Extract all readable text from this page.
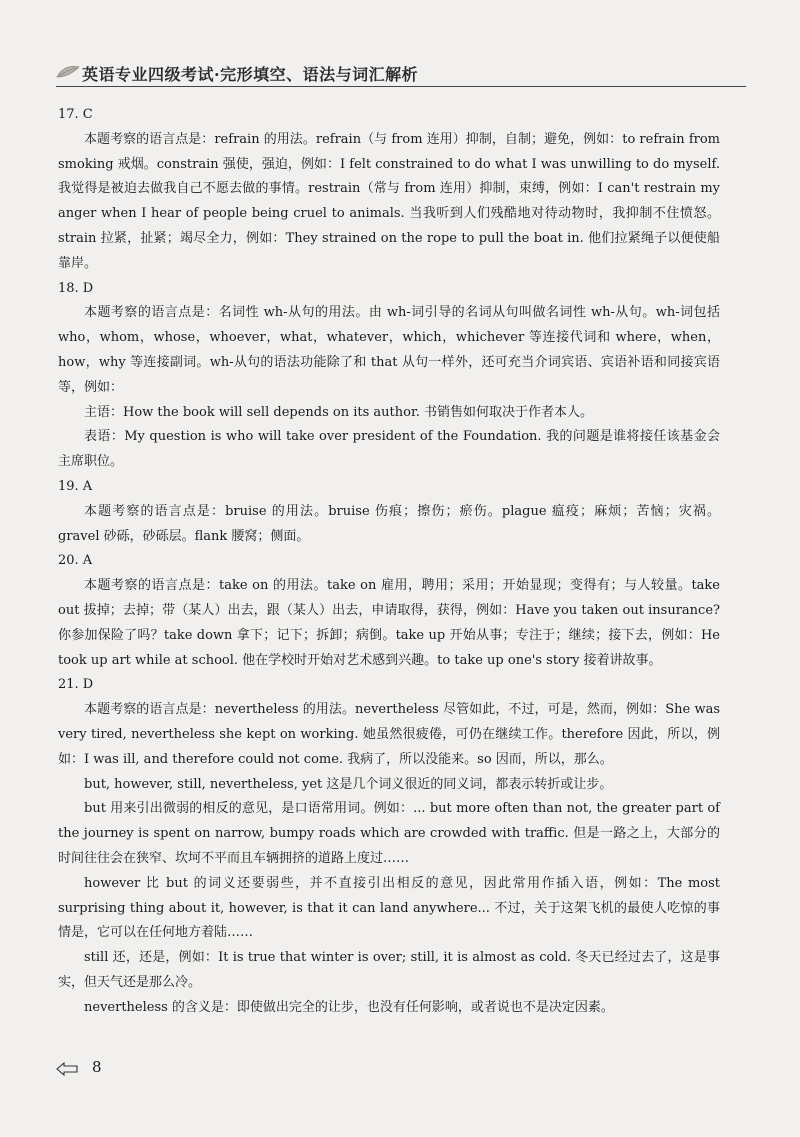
英语专业四级考试·完形填空、语法与词汇解析
17. C

本题考察的语言点是：refrain 的用法。refrain（与 from 连用）抑制，自制；避免，例如：to refrain from smoking 戒烟。constrain 强使，强迫，例如：I felt constrained to do what I was unwilling to do myself. 我觉得是被迫去做我自己不愿去做的事情。restrain（常与 from 连用）抑制，束缚，例如：I can't restrain my anger when I hear of people being cruel to animals. 当我听到人们残酷地对待动物时，我抑制不住愤怒。strain 拉紧，扯紧；竭尽全力，例如：They strained on the rope to pull the boat in. 他们拉紧绳子以便使船靠岸。

18. D

本题考察的语言点是：名词性 wh-从句的用法。由 wh-词引导的名词从句叫做名词性 wh-从句。wh-词包括 who，whom，whose，whoever，what，whatever，which，whichever 等连接代词和 where，when，how，why 等连接副词。wh-从句的语法功能除了和 that 从句一样外，还可充当介词宾语、宾语补语和同接宾语等，例如：

主语：How the book will sell depends on its author. 书销售如何取决于作者本人。

表语：My question is who will take over president of the Foundation. 我的问题是谁将接任该基金会主席职位。

19. A

本题考察的语言点是：bruise 的用法。bruise 伤痕；擦伤；瘀伤。plague 瘟疫；麻烦；苦恼；灾祸。gravel 砂砾，砂砾层。flank 腰窝；侧面。

20. A

本题考察的语言点是：take on 的用法。take on 雇用，聘用；采用；开始显现；变得有；与人较量。take out 拔掉；去掉；带（某人）出去，跟（某人）出去，申请取得，获得，例如：Have you taken out insurance? 你参加保险了吗？take down 拿下；记下；拆卸；病倒。take up 开始从事；专注于；继续；接下去，例如：He took up art while at school. 他在学校时开始对艺术感到兴趣。to take up one's story 接着讲故事。

21. D

本题考察的语言点是：nevertheless 的用法。nevertheless 尽管如此，不过，可是，然而，例如：She was very tired, nevertheless she kept on working. 她虽然很疲倦，可仍在继续工作。therefore 因此，所以，例如：I was ill, and therefore could not come. 我病了，所以没能来。so 因而，所以，那么。

but, however, still, nevertheless, yet 这是几个词义很近的同义词，都表示转折或让步。

but 用来引出微弱的相反的意见，是口语常用词。例如：... but more often than not, the greater part of the journey is spent on narrow, bumpy roads which are crowded with traffic. 但是一路之上，大部分的时间往往会在狭窄、坎坷不平而且车辆拥挤的道路上度过……

however 比 but 的词义还要弱些，并不直接引出相反的意见，因此常用作插入语，例如：The most surprising thing about it, however, is that it can land anywhere... 不过，关于这架飞机的最使人吃惊的事情是，它可以在任何地方着陆……

still 还，还是，例如：It is true that winter is over; still, it is almost as cold. 冬天已经过去了，这是事实，但天气还是那么冷。

nevertheless 的含义是：即使做出完全的让步，也没有任何影响，或者说也不是决定因素。

8
